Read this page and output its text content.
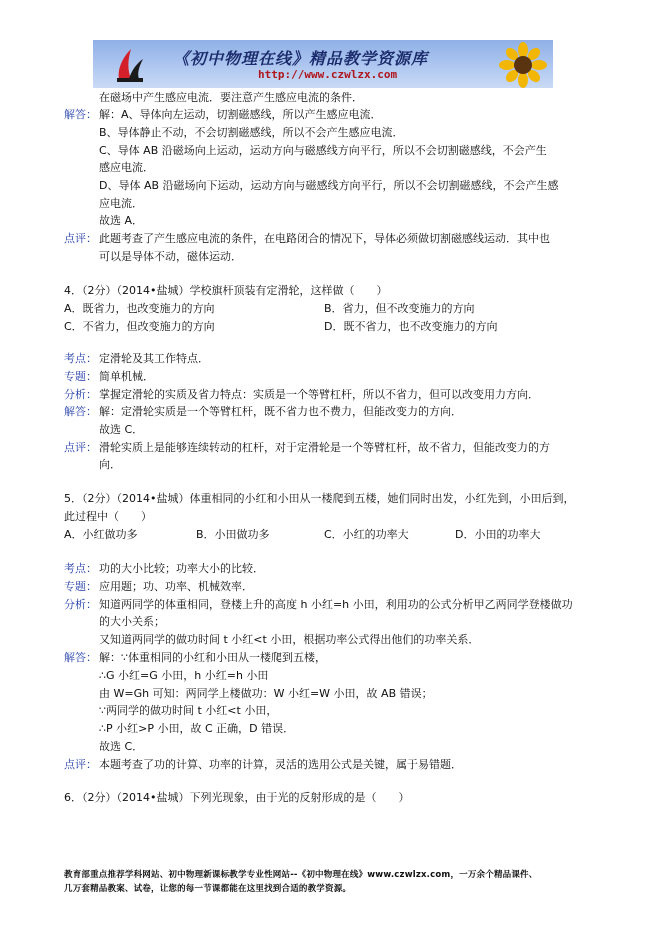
《初中物理在线》精品教学资源库
http://www.czwlzx.com
在磁场中产生感应电流．要注意产生感应电流的条件．
解答： 解：A、导体向左运动，切割磁感线，所以产生感应电流．
B、导体静止不动，不会切割磁感线，所以不会产生感应电流．
C、导体 AB 沿磁场向上运动，运动方向与磁感线方向平行，所以不会切割磁感线，不会产生
感应电流．
D、导体 AB 沿磁场向下运动，运动方向与磁感线方向平行，所以不会切割磁感线，不会产生感
应电流．
故选 A．
点评： 此题考查了产生感应电流的条件，在电路闭合的情况下，导体必须做切割磁感线运动．其中也
可以是导体不动，磁体运动．
4．（2分）（2014•盐城）学校旗杆顶装有定滑轮，这样做（　　）
A．既省力，也改变施力的方向	B．省力，但不改变施力的方向
C．不省力，但改变施力的方向	D．既不省力，也不改变施力的方向
考点： 定滑轮及其工作特点．
专题： 简单机械．
分析： 掌握定滑轮的实质及省力特点：实质是一个等臂杠杆，所以不省力，但可以改变用力方向．
解答： 解：定滑轮实质是一个等臂杠杆，既不省力也不费力，但能改变力的方向．
故选 C．
点评： 滑轮实质上是能够连续转动的杠杆，对于定滑轮是一个等臂杠杆，故不省力，但能改变力的方
向．
5．（2分）（2014•盐城）体重相同的小红和小田从一楼爬到五楼，她们同时出发，小红先到，小田后到，
此过程中（　　）
A．小红做功多	B．小田做功多	C．小红的功率大	D．小田的功率大
考点： 功的大小比较；功率大小的比较．
专题： 应用题；功、功率、机械效率．
分析： 知道两同学的体重相同，登楼上升的高度 h 小红=h 小田，利用功的公式分析甲乙两同学登楼做功
的大小关系；
又知道两同学的做功时间 t 小红<t 小田，根据功率公式得出他们的功率关系．
解答： 解：∵体重相同的小红和小田从一楼爬到五楼，
∴G 小红=G 小田，h 小红=h 小田
由 W=Gh 可知：两同学上楼做功：W 小红=W 小田，故 AB 错误；
∵两同学的做功时间 t 小红<t 小田，
∴P 小红>P 小田，故 C 正确，D 错误．
故选 C．
点评： 本题考查了功的计算、功率的计算，灵活的选用公式是关键，属于易错题．
6．（2分）（2014•盐城）下列光现象，由于光的反射形成的是（　　）
教育部重点推荐学科网站、初中物理新课标教学专业性网站--《初中物理在线》www.czwlzx.com，一万余个精品课件、
几万套精品教案、试卷，让您的每一节课都能在这里找到合适的教学资源。
